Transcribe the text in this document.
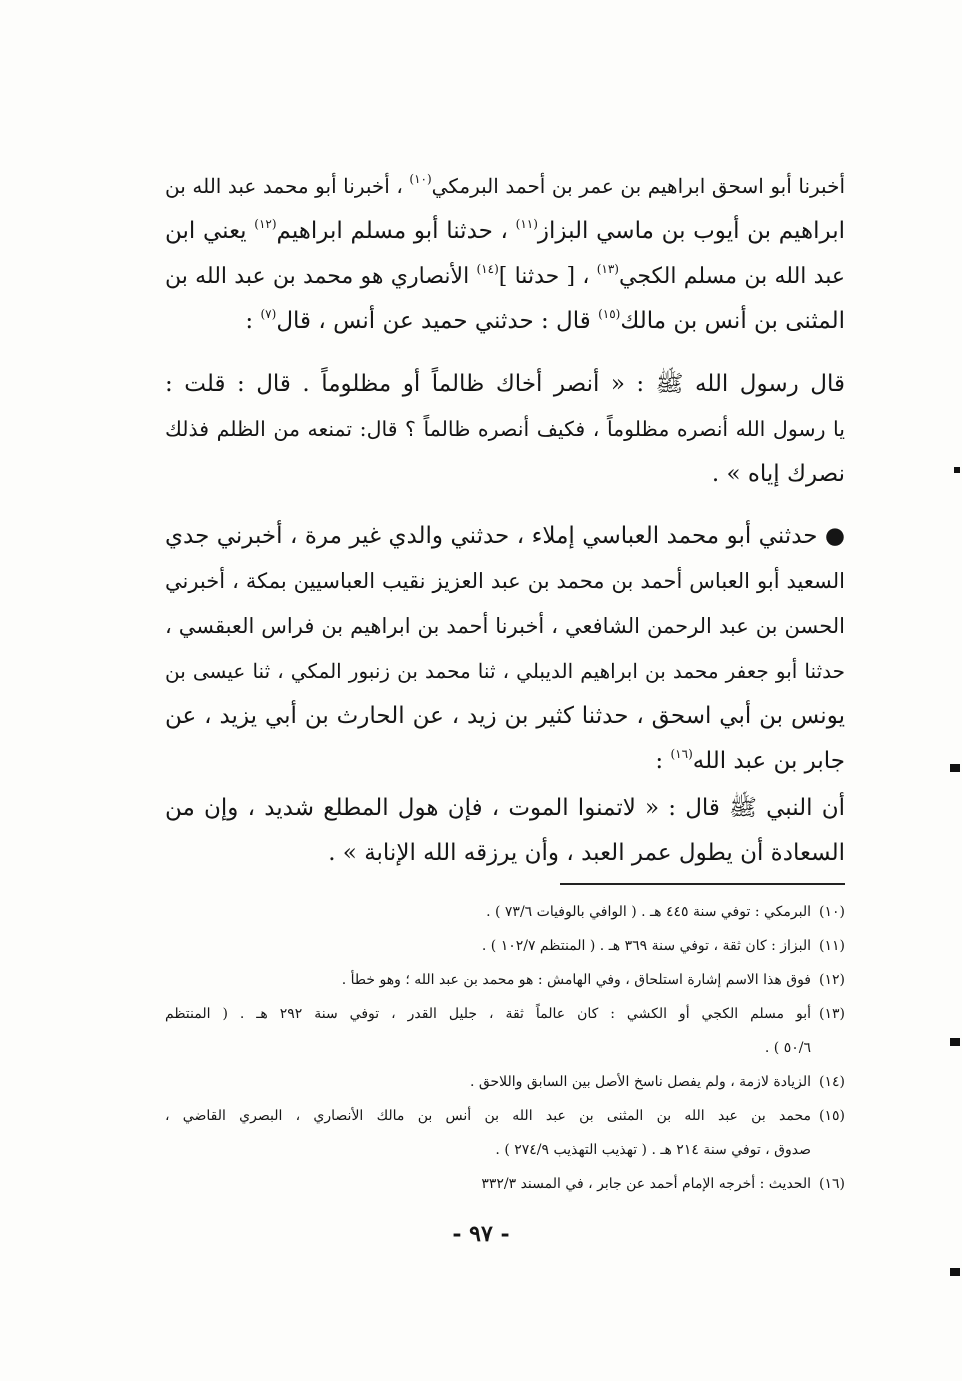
أخبرنا أبو اسحق ابراهيم بن عمر بن أحمد البرمكي$^{(١٠)}$ ، أخبرنا أبو محمد عبد الله بن
ابراهيم بن أيوب بن ماسي البزاز$^{(١١)}$ ، حدثنا أبو مسلم ابراهيم$^{(١٢)}$ يعني ابن
عبد الله بن مسلم الكجي$^{(١٣)}$ ، [ حدثنا ]$^{(١٤)}$ الأنصاري هو محمد بن عبد الله بن
المثنى بن أنس بن مالك$^{(١٥)}$ قال : حدثني حميد عن أنس ، قال$^{(٧)}$ :
قال رسول الله ﷺ : « أنصر أخاك ظالماً أو مظلوماً . قال : قلت :
يا رسول الله أنصره مظلوماً ، فكيف أنصره ظالماً ؟ قال: تمنعه من الظلم فذلك
نصرك إياه » .
● حدثني أبو محمد العباسي إملاء ، حدثني والدي غير مرة ، أخبرني جدي
السعيد أبو العباس أحمد بن محمد بن عبد العزيز نقيب العباسيين بمكة ، أخبرني
الحسن بن عبد الرحمن الشافعي ، أخبرنا أحمد بن ابراهيم بن فراس العبقسي ،
حدثنا أبو جعفر محمد بن ابراهيم الديبلي ، ثنا محمد بن زنبور المكي ، ثنا عيسى بن
يونس بن أبي اسحق ، حدثنا كثير بن زيد ، عن الحارث بن أبي يزيد ، عن
جابر بن عبد الله$^{(١٦)}$ :
أن النبي ﷺ قال : « لاتمنوا الموت ، فإن هول المطلع شديد ، وإن من
السعادة أن يطول عمر العبد ، وأن يرزقه الله الإنابة » .
(١٠)
البرمكي : توفي سنة ٤٤٥ هـ . ( الوافي بالوفيات ٧٣/٦ ) .
(١١)
البزاز : كان ثقة ، توفي سنة ٣٦٩ هـ . ( المنتظم ١٠٢/٧ ) .
(١٢)
فوق هذا الاسم إشارة استلحاق ، وفي الهامش : هو محمد بن عبد الله ؛ وهو خطأ .
(١٣)
أبو مسلم الكجي أو الكشي : كان عالماً ثقة ، جليل القدر ، توفي سنة ٢٩٢ هـ . ( المنتظم
٥٠/٦ ) .
(١٤)
الزيادة لازمة ، ولم يفصل ناسخ الأصل بين السابق واللاحق .
(١٥)
محمد بن عبد الله بن المثنى بن عبد الله بن أنس بن مالك الأنصاري ، البصري القاضي ،
صدوق ، توفي سنة ٢١٤ هـ . ( تهذيب التهذيب ٢٧٤/٩ ) .
(١٦)
الحديث : أخرجه الإمام أحمد عن جابر ، في المسند ٣٣٢/٣
- ٩٧ -
